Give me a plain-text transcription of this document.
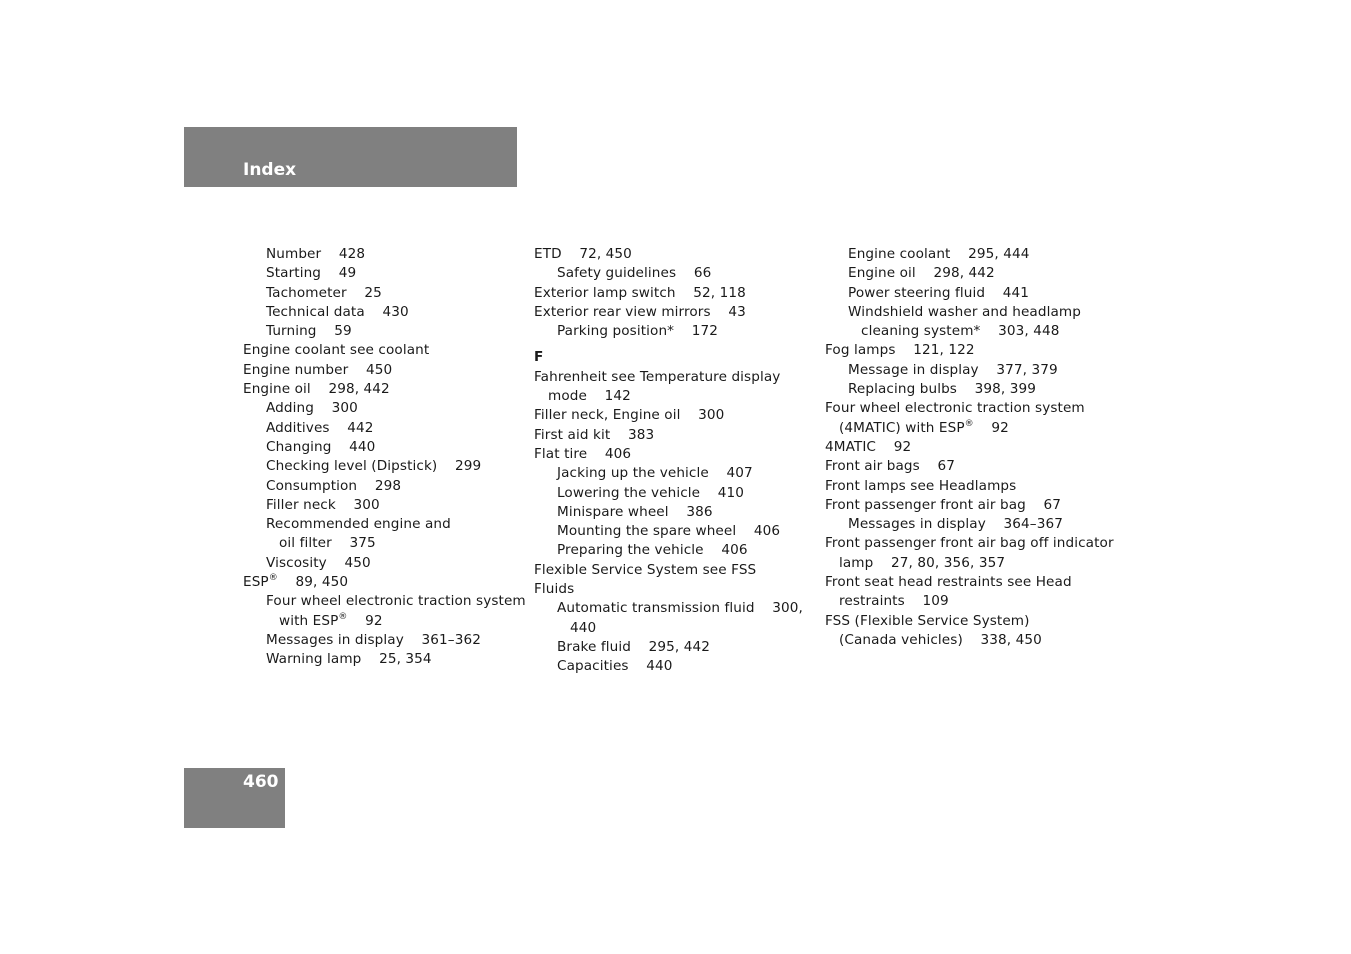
Index
Number    428
Starting    49
Tachometer    25
Technical data    430
Turning    59
Engine coolant see coolant
Engine number    450
Engine oil    298, 442
Adding    300
Additives    442
Changing    440
Checking level (Dipstick)    299
Consumption    298
Filler neck    300
Recommended engine and
oil filter    375
Viscosity    450
ESP®    89, 450
Four wheel electronic traction system
with ESP®    92
Messages in display    361–362
Warning lamp    25, 354
ETD    72, 450
Safety guidelines    66
Exterior lamp switch    52, 118
Exterior rear view mirrors    43
Parking position*    172
F
Fahrenheit see Temperature display
mode    142
Filler neck, Engine oil    300
First aid kit    383
Flat tire    406
Jacking up the vehicle    407
Lowering the vehicle    410
Minispare wheel    386
Mounting the spare wheel    406
Preparing the vehicle    406
Flexible Service System see FSS
Fluids
Automatic transmission fluid    300,
440
Brake fluid    295, 442
Capacities    440
Engine coolant    295, 444
Engine oil    298, 442
Power steering fluid    441
Windshield washer and headlamp
cleaning system*    303, 448
Fog lamps    121, 122
Message in display    377, 379
Replacing bulbs    398, 399
Four wheel electronic traction system
(4MATIC) with ESP®    92
4MATIC    92
Front air bags    67
Front lamps see Headlamps
Front passenger front air bag    67
Messages in display    364–367
Front passenger front air bag off indicator
lamp    27, 80, 356, 357
Front seat head restraints see Head
restraints    109
FSS (Flexible Service System)
(Canada vehicles)    338, 450
460
